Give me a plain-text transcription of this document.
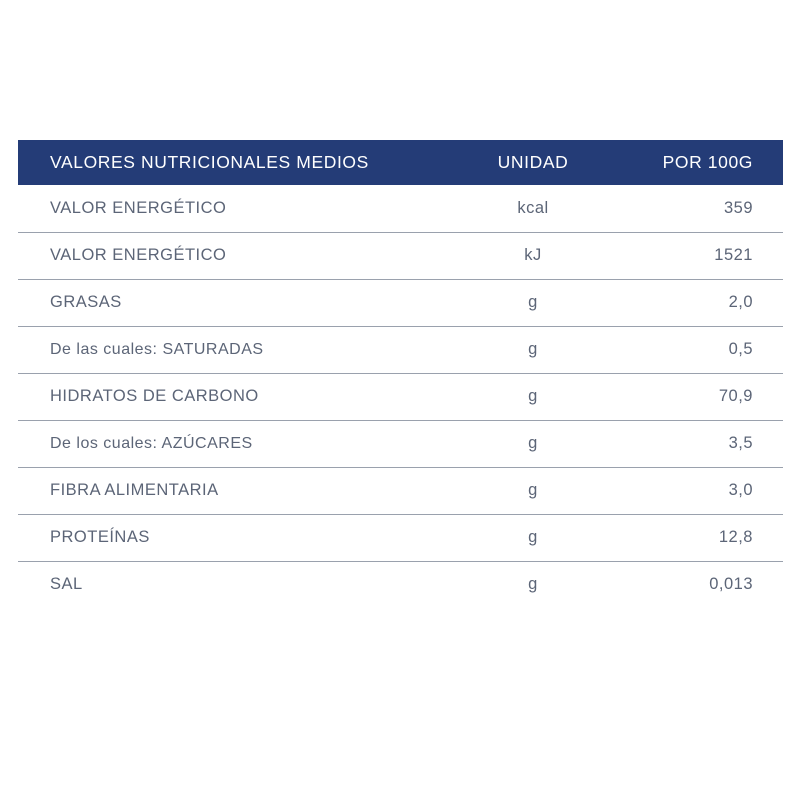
VALORES NUTRICIONALES MEDIOS	UNIDAD	POR 100G
VALOR ENERGÉTICO	kcal	359
VALOR ENERGÉTICO	kJ	1521
GRASAS	g	2,0
De las cuales: SATURADAS	g	0,5
HIDRATOS DE CARBONO	g	70,9
De los cuales: AZÚCARES	g	3,5
FIBRA ALIMENTARIA	g	3,0
PROTEÍNAS	g	12,8
SAL	g	0,013
